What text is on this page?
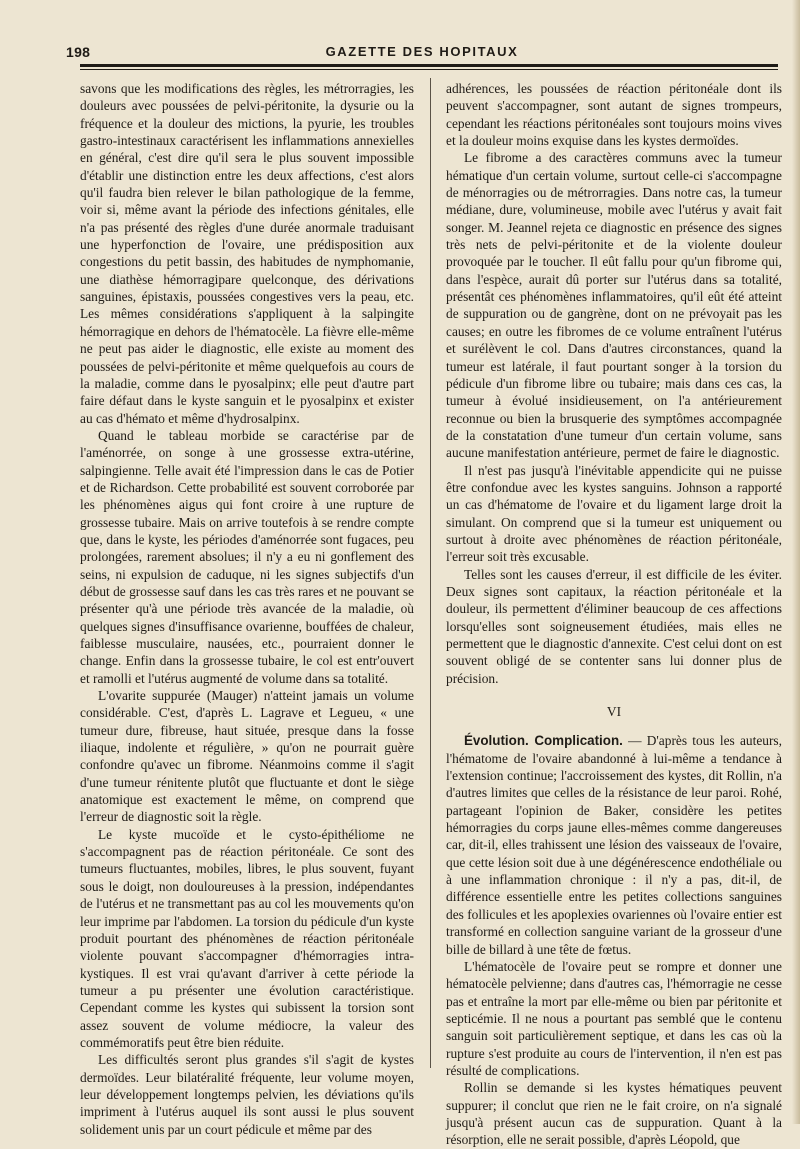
198	GAZETTE DES HOPITAUX

savons que les modifications des règles, les métrorragies, les douleurs avec poussées de pelvi-péritonite, la dysurie ou la fréquence et la douleur des mictions, la pyurie, les troubles gastro-intestinaux caractérisent les inflammations annexielles en général, c'est dire qu'il sera le plus souvent impossible d'établir une distinction entre les deux affections, c'est alors qu'il faudra bien relever le bilan pathologique de la femme, voir si, même avant la période des infections génitales, elle n'a pas présenté des règles d'une durée anormale traduisant une hyperfonction de l'ovaire, une prédisposition aux congestions du petit bassin, des habitudes de nymphomanie, une diathèse hémorragipare quelconque, des dérivations sanguines, épistaxis, poussées congestives vers la peau, etc. Les mêmes considérations s'appliquent à la salpingite hémorragique en dehors de l'hématocèle. La fièvre elle-même ne peut pas aider le diagnostic, elle existe au moment des poussées de pelvi-péritonite et même quelquefois au cours de la maladie, comme dans le pyosalpinx; elle peut d'autre part faire défaut dans le kyste sanguin et le pyosalpinx et exister au cas d'hémato et même d'hydrosalpinx.

Quand le tableau morbide se caractérise par de l'aménorrée, on songe à une grossesse extra-utérine, salpingienne. Telle avait été l'impression dans le cas de Potier et de Richardson. Cette probabilité est souvent corroborée par les phénomènes aigus qui font croire à une rupture de grossesse tubaire. Mais on arrive toutefois à se rendre compte que, dans le kyste, les périodes d'aménorrée sont fugaces, peu prolongées, rarement absolues; il n'y a eu ni gonflement des seins, ni expulsion de caduque, ni les signes subjectifs d'un début de grossesse sauf dans les cas très rares et ne pouvant se présenter qu'à une période très avancée de la maladie, où quelques signes d'insuffisance ovarienne, bouffées de chaleur, faiblesse musculaire, nausées, etc., pourraient donner le change. Enfin dans la grossesse tubaire, le col est entr'ouvert et ramolli et l'utérus augmenté de volume dans sa totalité.

L'ovarite suppurée (Mauger) n'atteint jamais un volume considérable. C'est, d'après L. Lagrave et Legueu, « une tumeur dure, fibreuse, haut située, presque dans la fosse iliaque, indolente et régulière, » qu'on ne pourrait guère confondre qu'avec un fibrome. Néanmoins comme il s'agit d'une tumeur rénitente plutôt que fluctuante et dont le siège anatomique est exactement le même, on comprend que l'erreur de diagnostic soit la règle.

Le kyste mucoïde et le cysto-épithéliome ne s'accompagnent pas de réaction péritonéale. Ce sont des tumeurs fluctuantes, mobiles, libres, le plus souvent, fuyant sous le doigt, non douloureuses à la pression, indépendantes de l'utérus et ne transmettant pas au col les mouvements qu'on leur imprime par l'abdomen. La torsion du pédicule d'un kyste produit pourtant des phénomènes de réaction péritonéale violente pouvant s'accompagner d'hémorragies intra-kystiques. Il est vrai qu'avant d'arriver à cette période la tumeur a pu présenter une évolution caractéristique. Cependant comme les kystes qui subissent la torsion sont assez souvent de volume médiocre, la valeur des commémoratifs peut être bien réduite.

Les difficultés seront plus grandes s'il s'agit de kystes dermoïdes. Leur bilatéralité fréquente, leur volume moyen, leur développement longtemps pelvien, les déviations qu'ils impriment à l'utérus auquel ils sont aussi le plus souvent solidement unis par un court pédicule et même par des

adhérences, les poussées de réaction péritonéale dont ils peuvent s'accompagner, sont autant de signes trompeurs, cependant les réactions péritonéales sont toujours moins vives et la douleur moins exquise dans les kystes dermoïdes.

Le fibrome a des caractères communs avec la tumeur hématique d'un certain volume, surtout celle-ci s'accompagne de ménorragies ou de métrorragies. Dans notre cas, la tumeur médiane, dure, volumineuse, mobile avec l'utérus y avait fait songer. M. Jeannel rejeta ce diagnostic en présence des signes très nets de pelvi-péritonite et de la violente douleur provoquée par le toucher. Il eût fallu pour qu'un fibrome qui, dans l'espèce, aurait dû porter sur l'utérus dans sa totalité, présentât ces phénomènes inflammatoires, qu'il eût été atteint de suppuration ou de gangrène, dont on ne prévoyait pas les causes; en outre les fibromes de ce volume entraînent l'utérus et surélèvent le col. Dans d'autres circonstances, quand la tumeur est latérale, il faut pourtant songer à la torsion du pédicule d'un fibrome libre ou tubaire; mais dans ces cas, la tumeur à évolué insidieusement, on l'a antérieurement reconnue ou bien la brusquerie des symptômes accompagnée de la constatation d'une tumeur d'un certain volume, sans aucune manifestation antérieure, permet de faire le diagnostic.

Il n'est pas jusqu'à l'inévitable appendicite qui ne puisse être confondue avec les kystes sanguins. Johnson a rapporté un cas d'hématome de l'ovaire et du ligament large droit la simulant. On comprend que si la tumeur est uniquement ou surtout à droite avec phénomènes de réaction péritonéale, l'erreur soit très excusable.

Telles sont les causes d'erreur, il est difficile de les éviter. Deux signes sont capitaux, la réaction péritonéale et la douleur, ils permettent d'éliminer beaucoup de ces affections lorsqu'elles sont soigneusement étudiées, mais elles ne permettent que le diagnostic d'annexite. C'est celui dont on est souvent obligé de se contenter sans lui donner plus de précision.

VI

Évolution. Complication. — D'après tous les auteurs, l'hématome de l'ovaire abandonné à lui-même a tendance à l'extension continue; l'accroissement des kystes, dit Rollin, n'a d'autres limites que celles de la résistance de leur paroi. Rohé, partageant l'opinion de Baker, considère les petites hémorragies du corps jaune elles-mêmes comme dangereuses car, dit-il, elles trahissent une lésion des vaisseaux de l'ovaire, que cette lésion soit due à une dégénérescence endothéliale ou à une inflammation chronique : il n'y a pas, dit-il, de différence essentielle entre les petites collections sanguines des follicules et les apoplexies ovariennes où l'ovaire entier est transformé en collection sanguine variant de la grosseur d'une bille de billard à une tête de fœtus.

L'hématocèle de l'ovaire peut se rompre et donner une hématocèle pelvienne; dans d'autres cas, l'hémorragie ne cesse pas et entraîne la mort par elle-même ou bien par péritonite et septicémie. Il ne nous a pourtant pas semblé que le contenu sanguin soit particulièrement septique, et dans les cas où la rupture s'est produite au cours de l'intervention, il n'en est pas résulté de complications.

Rollin se demande si les kystes hématiques peuvent suppurer; il conclut que rien ne le fait croire, on n'a signalé jusqu'à présent aucun cas de suppuration. Quant à la résorption, elle ne serait possible, d'après Léopold, que
